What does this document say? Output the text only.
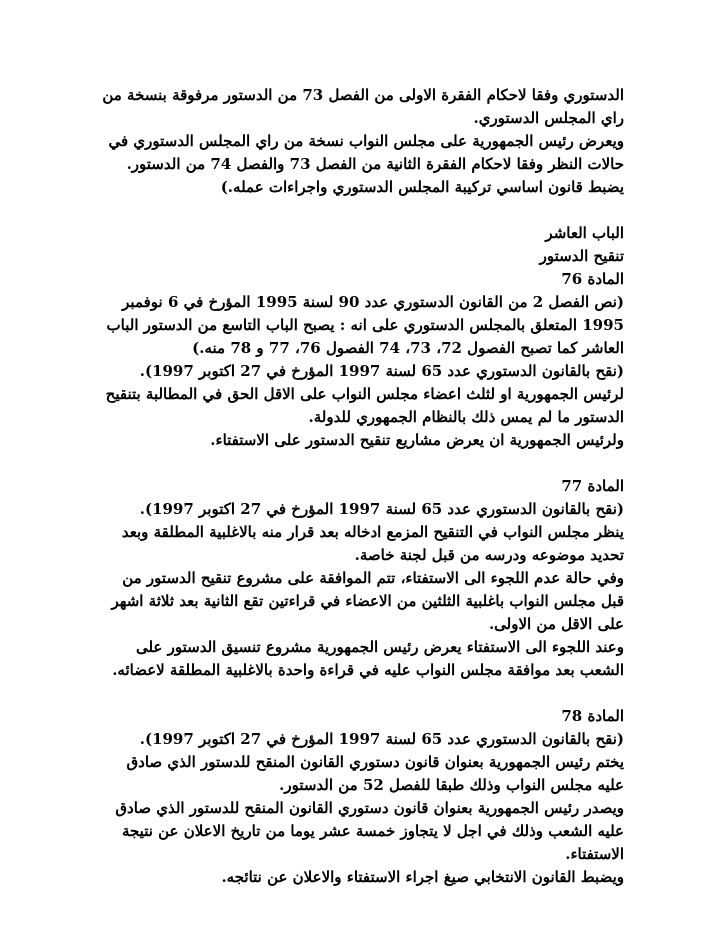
الدستوري وفقا لاحكام الفقرة الاولى من الفصل 73 من الدستور مرفوقة بنسخة من
راي المجلس الدستوري.
ويعرض رئيس الجمهورية على مجلس النواب نسخة من راي المجلس الدستوري في
حالات النظر وفقا لاحكام الفقرة الثانية من الفصل 73 والفصل 74 من الدستور.
يضبط قانون اساسي تركيبة المجلس الدستوري واجراءات عمله.)
الباب العاشر
تنقيح الدستور
المادة 76
(نص الفصل 2 من القانون الدستوري عدد 90 لسنة 1995 المؤرخ في 6 نوفمبر
1995 المتعلق بالمجلس الدستوري على انه : يصبح الباب التاسع من الدستور الباب
العاشر كما تصبح الفصول 72، 73، 74 الفصول 76، 77 و 78 منه.)
(نقح بالقانون الدستوري عدد 65 لسنة 1997 المؤرخ في 27 اكتوبر 1997).
لرئيس الجمهورية او لثلث اعضاء مجلس النواب على الاقل الحق في المطالبة بتنقيح
الدستور ما لم يمس ذلك بالنظام الجمهوري للدولة.
ولرئيس الجمهورية ان يعرض مشاريع تنقيح الدستور على الاستفتاء.
المادة 77
(نقح بالقانون الدستوري عدد 65 لسنة 1997 المؤرخ في 27 اكتوبر 1997).
ينظر مجلس النواب في التنقيح المزمع ادخاله بعد قرار منه بالاغلبية المطلقة وبعد
تحديد موضوعه ودرسه من قبل لجنة خاصة.
وفي حالة عدم اللجوء الى الاستفتاء، تتم الموافقة على مشروع تنقيح الدستور من
قبل مجلس النواب باغلبية الثلثين من الاعضاء في قراءتين تقع الثانية بعد ثلاثة اشهر
على الاقل من الاولى.
وعند اللجوء الى الاستفتاء يعرض رئيس الجمهورية مشروع تنسيق الدستور على
الشعب بعد موافقة مجلس النواب عليه في قراءة واحدة بالاغلبية المطلقة لاعضائه.
المادة 78
(نقح بالقانون الدستوري عدد 65 لسنة 1997 المؤرخ في 27 اكتوبر 1997).
يختم رئيس الجمهورية بعنوان قانون دستوري القانون المنقح للدستور الذي صادق
عليه مجلس النواب وذلك طبقا للفصل 52 من الدستور.
ويصدر رئيس الجمهورية بعنوان قانون دستوري القانون المنقح للدستور الذي صادق
عليه الشعب وذلك في اجل لا يتجاوز خمسة عشر يوما من تاريخ الاعلان عن نتيجة
الاستفتاء.
ويضبط القانون الانتخابي صيغ اجراء الاستفتاء والاعلان عن نتائجه.
